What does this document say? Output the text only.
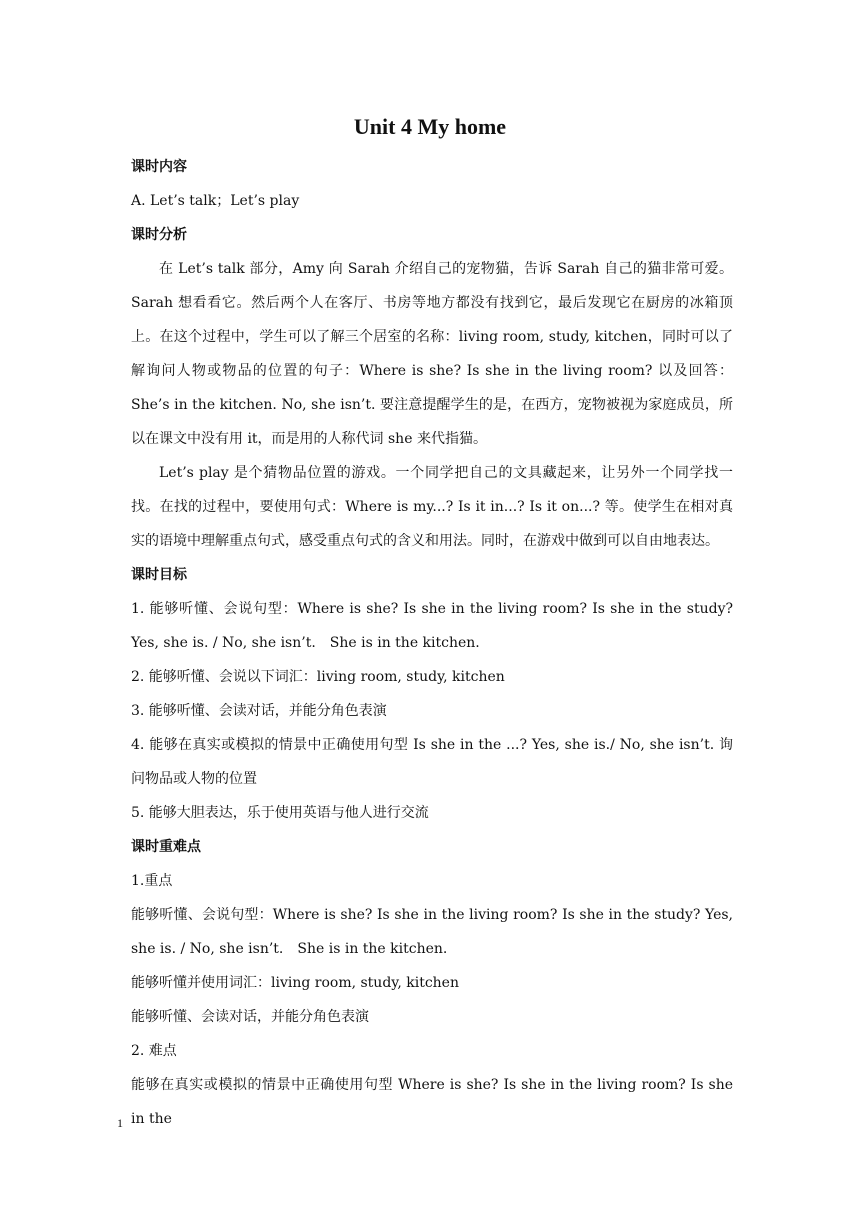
Unit 4 My home

课时内容

A. Let’s talk；Let’s play

课时分析

在 Let’s talk 部分，Amy 向 Sarah 介绍自己的宠物猫，告诉 Sarah 自己的猫非常可爱。Sarah 想看看它。然后两个人在客厅、书房等地方都没有找到它，最后发现它在厨房的冰箱顶上。在这个过程中，学生可以了解三个居室的名称：living room, study, kitchen，同时可以了解询问人物或物品的位置的句子：Where is she? Is she in the living room? 以及回答：She’s in the kitchen. No, she isn’t. 要注意提醒学生的是，在西方，宠物被视为家庭成员，所以在课文中没有用 it，而是用的人称代词 she 来代指猫。

Let’s play 是个猜物品位置的游戏。一个同学把自己的文具藏起来，让另外一个同学找一找。在找的过程中，要使用句式：Where is my...? Is it in...? Is it on...? 等。使学生在相对真实的语境中理解重点句式，感受重点句式的含义和用法。同时，在游戏中做到可以自由地表达。

课时目标

1. 能够听懂、会说句型：Where is she? Is she in the living room? Is she in the study? Yes, she is. / No, she isn’t.　She is in the kitchen.

2. 能够听懂、会说以下词汇：living room, study, kitchen

3. 能够听懂、会读对话，并能分角色表演

4. 能够在真实或模拟的情景中正确使用句型 Is she in the ...? Yes, she is./ No, she isn’t. 询问物品或人物的位置

5. 能够大胆表达，乐于使用英语与他人进行交流

课时重难点

1.重点

能够听懂、会说句型：Where is she? Is she in the living room? Is she in the study? Yes, she is. / No, she isn’t.　She is in the kitchen.

能够听懂并使用词汇：living room, study, kitchen

能够听懂、会读对话，并能分角色表演

2. 难点

能够在真实或模拟的情景中正确使用句型 Where is she? Is she in the living room? Is she in the

1
